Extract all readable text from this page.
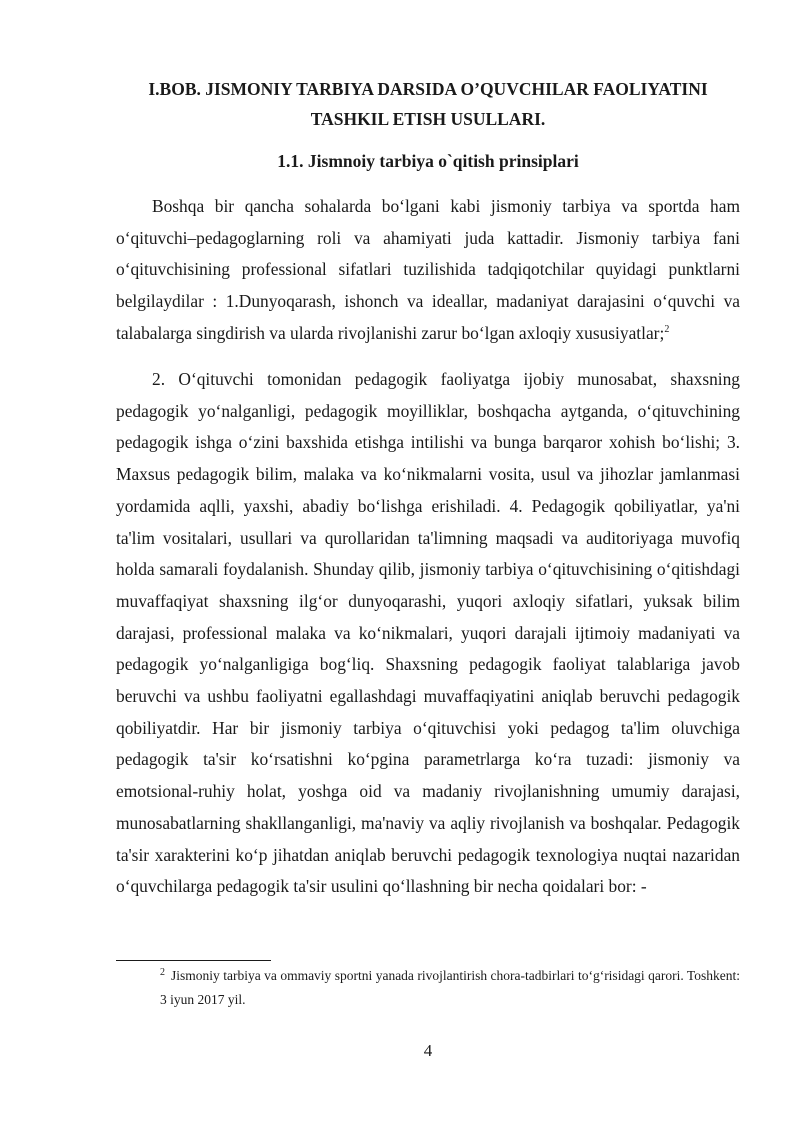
I.BOB. JISMONIY TARBIYA DARSIDA O’QUVCHILAR FAOLIYATINI
TASHKIL ETISH USULLARI.
1.1. Jismnoiy tarbiya o`qitish prinsiplari

Boshqa bir qancha sohalarda boʻlgani kabi jismoniy tarbiya va sportda ham oʻqituvchi–pedagoglarning roli va ahamiyati juda kattadir. Jismoniy tarbiya fani oʻqituvchisining professional sifatlari tuzilishida tadqiqotchilar quyidagi punktlarni belgilaydilar : 1.Dunyoqarash, ishonch va ideallar, madaniyat darajasini oʻquvchi va talabalarga singdirish va ularda rivojlanishi zarur boʻlgan axloqiy xususiyatlar;$^2$

2. Oʻqituvchi tomonidan pedagogik faoliyatga ijobiy munosabat, shaxsning pedagogik yoʻnalganligi, pedagogik moyilliklar, boshqacha aytganda, oʻqituvchining pedagogik ishga oʻzini baxshida etishga intilishi va bunga barqaror xohish boʻlishi; 3. Maxsus pedagogik bilim, malaka va koʻnikmalarni vosita, usul va jihozlar jamlanmasi yordamida aqlli, yaxshi, abadiy boʻlishga erishiladi. 4. Pedagogik qobiliyatlar, ya'ni ta'lim vositalari, usullari va qurollaridan ta'limning maqsadi va auditoriyaga muvofiq holda samarali foydalanish. Shunday qilib, jismoniy tarbiya oʻqituvchisining oʻqitishdagi muvaffaqiyat shaxsning ilgʻor dunyoqarashi, yuqori axloqiy sifatlari, yuksak bilim darajasi, professional malaka va koʻnikmalari, yuqori darajali ijtimoiy madaniyati va pedagogik yoʻnalganligiga bogʻliq. Shaxsning pedagogik faoliyat talablariga javob beruvchi va ushbu faoliyatni egallashdagi muvaffaqiyatini aniqlab beruvchi pedagogik qobiliyatdir. Har bir jismoniy tarbiya oʻqituvchisi yoki pedagog ta'lim oluvchiga pedagogik ta'sir koʻrsatishni koʻpgina parametrlarga koʻra tuzadi: jismoniy va emotsional-ruhiy holat, yoshga oid va madaniy rivojlanishning umumiy darajasi, munosabatlarning shakllanganligi, ma'naviy va aqliy rivojlanish va boshqalar. Pedagogik ta'sir xarakterini koʻp jihatdan aniqlab beruvchi pedagogik texnologiya nuqtai nazaridan oʻquvchilarga pedagogik ta'sir usulini qoʻllashning bir necha qoidalari bor: -

$^2$ Jismoniy tarbiya va ommaviy sportni yanada rivojlantirish chora-tadbirlari toʻgʻrisidagi qarori. Toshkent: 3 iyun 2017 yil.

4
